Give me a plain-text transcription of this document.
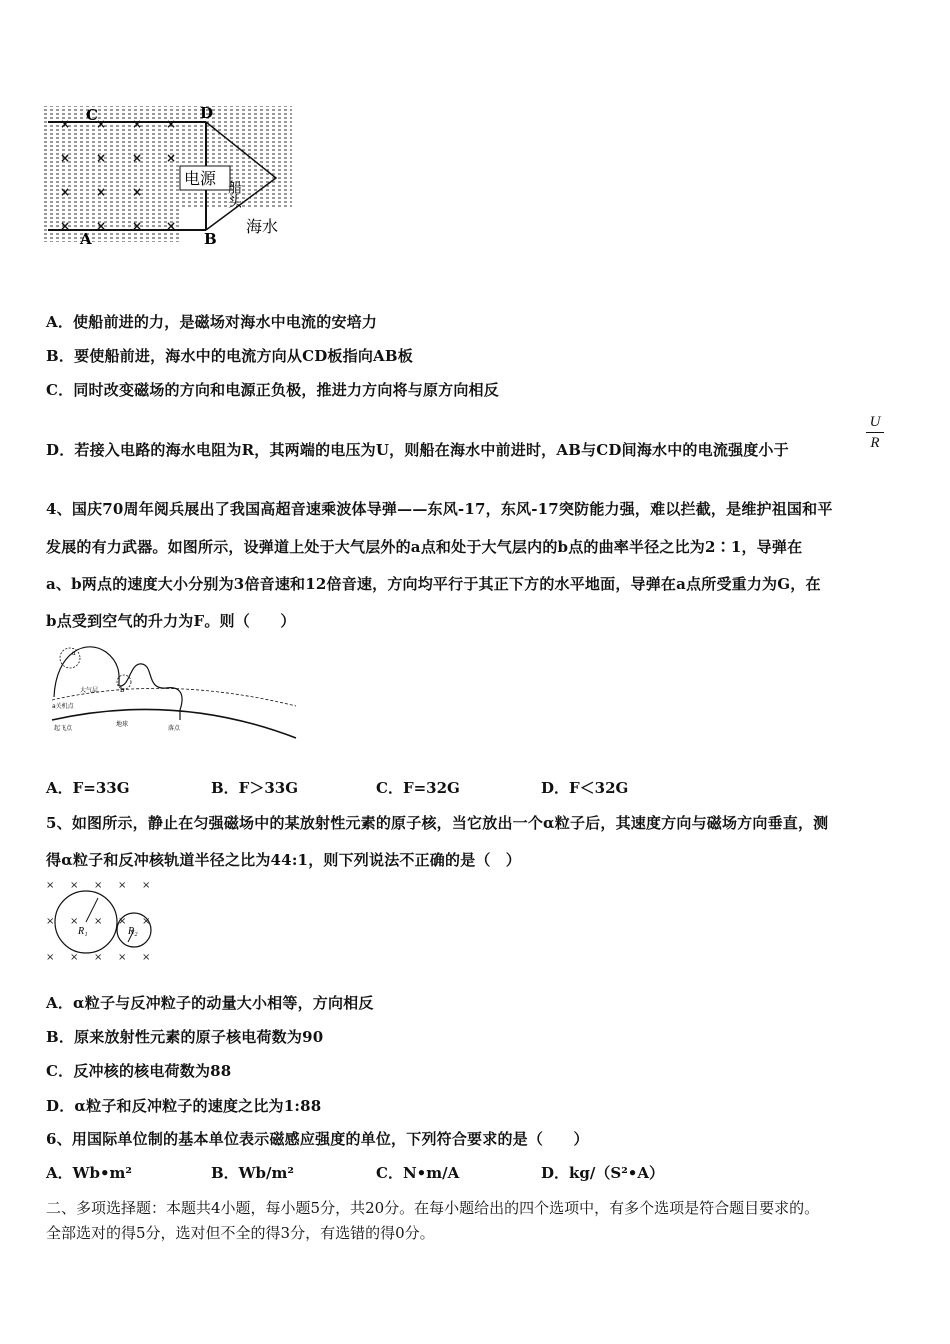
× × × ×
× × × ×
× × ×
× × × ×
电源
C	D
A	B
船头
海水
A．使船前进的力，是磁场对海水中电流的安培力
B．要使船前进，海水中的电流方向从CD板指向AB板
C．同时改变磁场的方向和电源正负极，推进力方向将与原方向相反
D．若接入电路的海水电阻为R，其两端的电压为U，则船在海水中前进时，AB与CD间海水中的电流强度小于	$\frac{U}{R}$
4、国庆70周年阅兵展出了我国高超音速乘波体导弹——东风-17，东风-17突防能力强，难以拦截，是维护祖国和平
发展的有力武器。如图所示，设弹道上处于大气层外的a点和处于大气层内的b点的曲率半径之比为2∶1，导弹在
a、b两点的速度大小分别为3倍音速和12倍音速，方向均平行于其正下方的水平地面，导弹在a点所受重力为G，在
b点受到空气的升力为F。则（　　）
a
b
大气层
a关机点
起飞点
地球
落点
A．F=33G	B．F＞33G	C．F=32G	D．F＜32G
5、如图所示，静止在匀强磁场中的某放射性元素的原子核，当它放出一个α粒子后，其速度方向与磁场方向垂直，测
得α粒子和反冲核轨道半径之比为44:1，则下列说法不正确的是（　）
× × × × ×
× × × × ×
× × × × ×
R₁	R₂
A．α粒子与反冲粒子的动量大小相等，方向相反
B．原来放射性元素的原子核电荷数为90
C．反冲核的核电荷数为88
D．α粒子和反冲粒子的速度之比为1:88
6、用国际单位制的基本单位表示磁感应强度的单位，下列符合要求的是（　　）
A．Wb•m²	B．Wb/m²	C．N•m/A	D．kg/（S²•A）
二、多项选择题：本题共4小题，每小题5分，共20分。在每小题给出的四个选项中，有多个选项是符合题目要求的。
全部选对的得5分，选对但不全的得3分，有选错的得0分。
